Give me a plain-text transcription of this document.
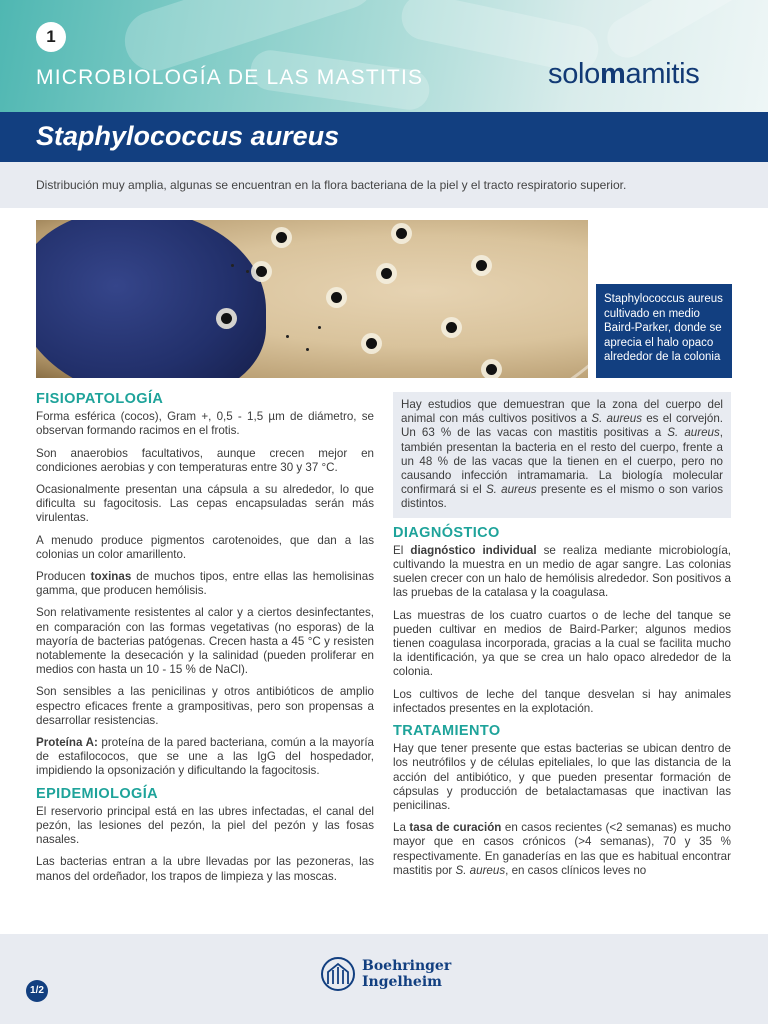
1
MICROBIOLOGÍA DE LAS MASTITIS	solomamitis
Staphylococcus aureus

Distribución muy amplia, algunas se encuentran en la flora bacteriana de la piel y el tracto respiratorio superior.

Staphylococcus aureus cultivado en medio Baird-Parker, donde se aprecia el halo opaco alrededor de la colonia
FISIOPATOLOGÍA

Forma esférica (cocos), Gram +, 0,5 - 1,5 µm de diámetro, se observan formando racimos en el frotis.

Son anaerobios facultativos, aunque crecen mejor en condiciones aerobias y con temperaturas entre 30 y 37 °C.

Ocasionalmente presentan una cápsula a su alrededor, lo que dificulta su fagocitosis. Las cepas encapsuladas serán más virulentas.

A menudo produce pigmentos carotenoides, que dan a las colonias un color amarillento.

Producen toxinas de muchos tipos, entre ellas las hemolisinas gamma, que producen hemólisis.

Son relativamente resistentes al calor y a ciertos desinfectantes, en comparación con las formas vegetativas (no esporas) de la mayoría de bacterias patógenas. Crecen hasta a 45 °C y resisten notablemente la desecación y la salinidad (pueden proliferar en medios con hasta un 10 - 15 % de NaCl).

Son sensibles a las penicilinas y otros antibióticos de amplio espectro eficaces frente a grampositivas, pero son propensas a desarrollar resistencias.

Proteína A: proteína de la pared bacteriana, común a la mayoría de estafilococos, que se une a las IgG del hospedador, impidiendo la opsonización y dificultando la fagocitosis.

EPIDEMIOLOGÍA

El reservorio principal está en las ubres infectadas, el canal del pezón, las lesiones del pezón, la piel del pezón y las fosas nasales.

Las bacterias entran a la ubre llevadas por las pezoneras, las manos del ordeñador, los trapos de limpieza y las moscas.

Hay estudios que demuestran que la zona del cuerpo del animal con más cultivos positivos a S. aureus es el corvejón. Un 63 % de las vacas con mastitis positivas a S. aureus, también presentan la bacteria en el resto del cuerpo, frente a un 48 % de las vacas que la tienen en el cuerpo, pero no causando infección intramamaria. La biología molecular confirmará si el S. aureus presente es el mismo o son varios distintos.

DIAGNÓSTICO

El diagnóstico individual se realiza mediante microbiología, cultivando la muestra en un medio de agar sangre. Las colonias suelen crecer con un halo de hemólisis alrededor. Son positivos a las pruebas de la catalasa y la coagulasa.

Las muestras de los cuatro cuartos o de leche del tanque se pueden cultivar en medios de Baird-Parker; algunos medios tienen coagulasa incorporada, gracias a la cual se facilita mucho la identificación, ya que se crea un halo opaco alrededor de la colonia.

Los cultivos de leche del tanque desvelan si hay animales infectados presentes en la explotación.

TRATAMIENTO

Hay que tener presente que estas bacterias se ubican dentro de los neutrófilos y de células epiteliales, lo que las distancia de la acción del antibiótico, y que pueden presentar formación de cápsulas y producción de betalactamasas que inactivan las penicilinas.

La tasa de curación en casos recientes (<2 semanas) es mucho mayor que en casos crónicos (>4 semanas), 70 y 35 % respectivamente. En ganaderías en las que es habitual encontrar mastitis por S. aureus, en casos clínicos leves no

1/2
Boehringer
Ingelheim
